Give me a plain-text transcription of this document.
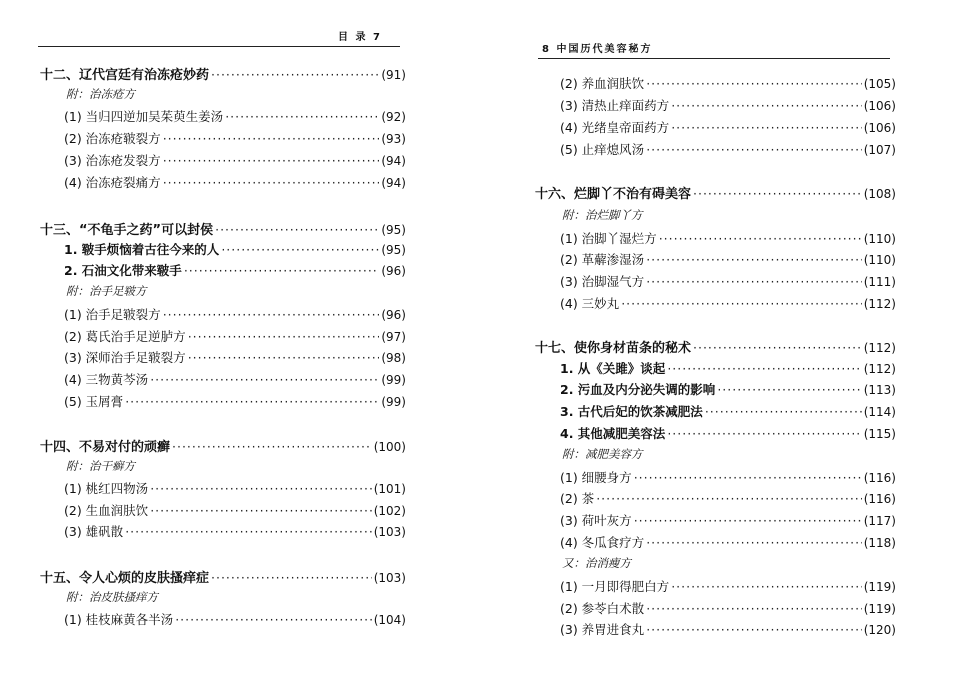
目 录 7
十二、辽代宫廷有治冻疮妙药 ·····	(91)
附：治冻疮方
(1) 当归四逆加吴茱萸生姜汤 ·····	(92)
(2) 治冻疮皲裂方 ·····	(93)
(3) 治冻疮发裂方 ·····	(94)
(4) 治冻疮裂痛方 ·····	(94)
十三、“不龟手之药”可以封侯 ·····	(95)
1. 皲手烦恼着古往今来的人 ·····	(95)
2. 石油文化带来皲手 ·····	(96)
附：治手足皲方
(1) 治手足皲裂方 ·····	(96)
(2) 葛氏治手足逆胪方 ·····	(97)
(3) 深师治手足皲裂方 ·····	(98)
(4) 三物黄芩汤 ·····	(99)
(5) 玉屑膏 ·····	(99)
十四、不易对付的顽癣 ·····	(100)
附：治干癣方
(1) 桃红四物汤 ·····	(101)
(2) 生血润肤饮 ·····	(102)
(3) 雄矾散 ·····	(103)
十五、令人心烦的皮肤搔痒症 ·····	(103)
附：治皮肤搔痒方
(1) 桂枝麻黄各半汤 ·····	(104)
8 中国历代美容秘方
(2) 养血润肤饮 ·····	(105)
(3) 清热止痒面药方 ·····	(106)
(4) 光绪皇帝面药方 ·····	(106)
(5) 止痒熄风汤 ·····	(107)
十六、烂脚丫不治有碍美容 ·····	(108)
附：治烂脚丫方
(1) 治脚丫湿烂方 ·····	(110)
(2) 革薢渗湿汤 ·····	(110)
(3) 治脚湿气方 ·····	(111)
(4) 三妙丸 ·····	(112)
十七、使你身材苗条的秘术 ·····	(112)
1. 从《关雎》谈起 ·····	(112)
2. 污血及内分泌失调的影响 ·····	(113)
3. 古代后妃的饮茶减肥法 ·····	(114)
4. 其他减肥美容法 ·····	(115)
附：减肥美容方
(1) 细腰身方 ·····	(116)
(2) 茶 ·····	(116)
(3) 荷叶灰方 ·····	(117)
(4) 冬瓜食疗方 ·····	(118)
又：治消瘦方
(1) 一月即得肥白方 ·····	(119)
(2) 参苓白术散 ·····	(119)
(3) 养胃进食丸 ·····	(120)
